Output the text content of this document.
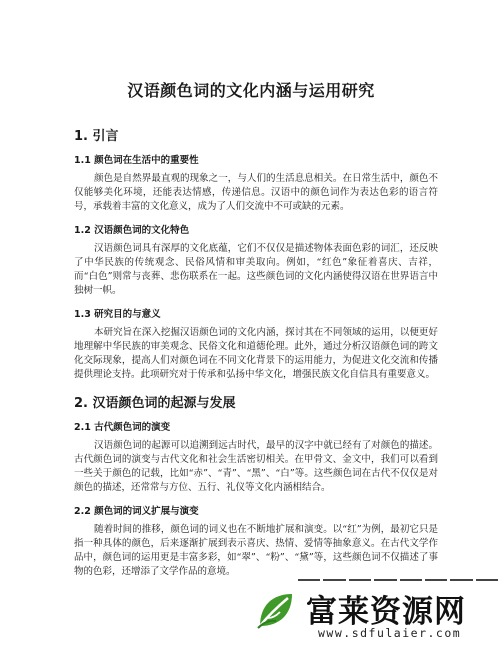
汉语颜色词的文化内涵与运用研究
1. 引言
1.1 颜色词在生活中的重要性

颜色是自然界最直观的现象之一，与人们的生活息息相关。在日常生活中，颜色不仅能够美化环境，还能表达情感，传递信息。汉语中的颜色词作为表达色彩的语言符号，承载着丰富的文化意义，成为了人们交流中不可或缺的元素。

1.2 汉语颜色词的文化特色

汉语颜色词具有深厚的文化底蕴，它们不仅仅是描述物体表面色彩的词汇，还反映了中华民族的传统观念、民俗风情和审美取向。例如，“红色”象征着喜庆、吉祥，而“白色”则常与丧葬、悲伤联系在一起。这些颜色词的文化内涵使得汉语在世界语言中独树一帜。

1.3 研究目的与意义

本研究旨在深入挖掘汉语颜色词的文化内涵，探讨其在不同领域的运用，以便更好地理解中华民族的审美观念、民俗文化和道德伦理。此外，通过分析汉语颜色词的跨文化交际现象，提高人们对颜色词在不同文化背景下的运用能力，为促进文化交流和传播提供理论支持。此项研究对于传承和弘扬中华文化，增强民族文化自信具有重要意义。

2. 汉语颜色词的起源与发展
2.1 古代颜色词的演变

汉语颜色词的起源可以追溯到远古时代，最早的汉字中就已经有了对颜色的描述。古代颜色词的演变与古代文化和社会生活密切相关。在甲骨文、金文中，我们可以看到一些关于颜色的记载，比如“赤”、“青”、“黑”、“白”等。这些颜色词在古代不仅仅是对颜色的描述，还常常与方位、五行、礼仪等文化内涵相结合。

2.2 颜色词的词义扩展与演变

随着时间的推移，颜色词的词义也在不断地扩展和演变。以“红”为例，最初它只是指一种具体的颜色，后来逐渐扩展到表示喜庆、热情、爱情等抽象意义。在古代文学作品中，颜色词的运用更是丰富多彩，如“翠”、“粉”、“黛”等，这些颜色词不仅描述了事物的色彩，还增添了文学作品的意境。

富莱资源网
www.sdfulaier.com
